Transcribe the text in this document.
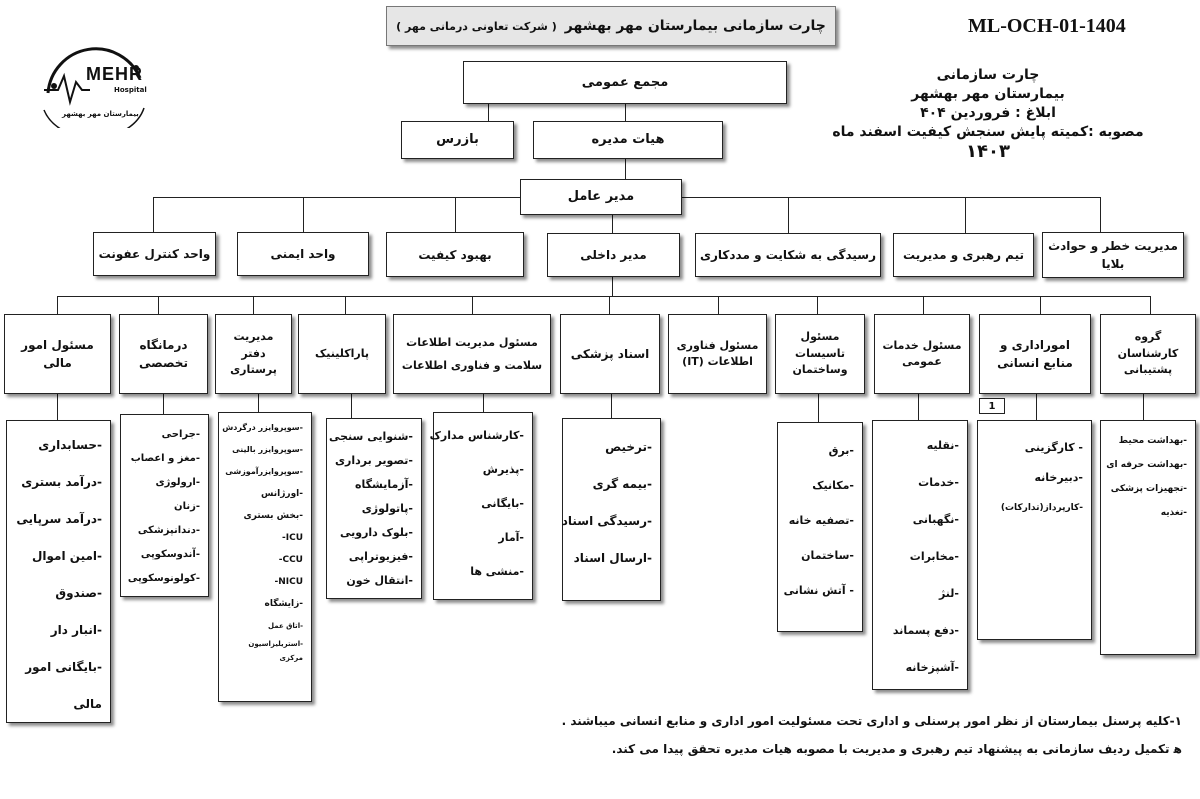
چارت سازمانی بیمارستان مهر بهشهر
( شرکت تعاونی درمانی مهر )	ML-OCH-01-1404
MEHR
Hospital
بیمارستان مهر بهشهر
چارت سازمانی
بیمارستان مهر بهشهر
ابلاغ : فروردین ۴۰۴
مصوبه :کمیته پایش سنجش کیفیت اسفند ماه
۱۴۰۳
مجمع عمومی
بازرس	هیات مدیره
مدیر عامل
مدیریت خطر و حوادث بلایا
تیم رهبری و مدیریت
رسیدگی به شکایت و مددکاری
مدیر داخلی
بهبود کیفیت
واحد ایمنی
واحد کنترل عفونت
گروه کارشناسان پشتیبانی
اموراداری و منابع انسانی
1
مسئول خدمات عمومی
مسئول تاسیسات وساختمان
مسئول فناوری اطلاعات (IT)
اسناد پزشکی
مسئول مدیریت اطلاعات سلامت و فناوری اطلاعات
پاراکلینیک
مدیریت دفتر پرستاری
درمانگاه تخصصی
مسئول امور مالی
-بهداشت محیط
-بهداشت حرفه ای
-تجهیزات پزشکی
-تغذیه
- کارگزینی
-دبیرخانه
-کارپرداز(تدارکات)
-نقلیه
-خدمات
-نگهبانی
-مخابرات
-لنژ
-دفع پسماند
-آشپزخانه
-برق
-مکانیک
-تصفیه خانه
-ساختمان
- آتش نشانی
-ترخیص
-بیمه گری
-رسیدگی اسناد
-ارسال اسناد
-کارشناس مدارک
-پذیرش
-بایگانی
-آمار
-منشی ها
-شنوایی سنجی
-تصویر برداری
-آزمایشگاه
-پاتولوژی
-بلوک دارویی
-فیزیوتراپی
-انتقال خون
-سوپروایزر درگردش
-سوپروایزر بالینی
-سوپروایزرآموزشی
-اورژانس
-بخش بستری
ICU-
CCU-
NICU-
-زایشگاه
-اتاق عمل
-استریلیزاسیون مرکزی
-جراحی
-مغز و اعصاب
-ارولوژی
-زنان
-دندانپزشکی
-آندوسکوپی
-کولونوسکوپی
-حسابداری
-درآمد بستری
-درآمد سرپایی
-امین اموال
-صندوق
-انبار دار
-بایگانی امور مالی
۱-کلیه پرسنل بیمارستان از نظر امور پرسنلی و اداری تحت مسئولیت امور اداری و منابع انسانی میباشند .
ﻫ تکمیل ردیف سازمانی به پیشنهاد تیم رهبری و مدیریت با مصوبه هیات مدیره تحقق پیدا می کند.
